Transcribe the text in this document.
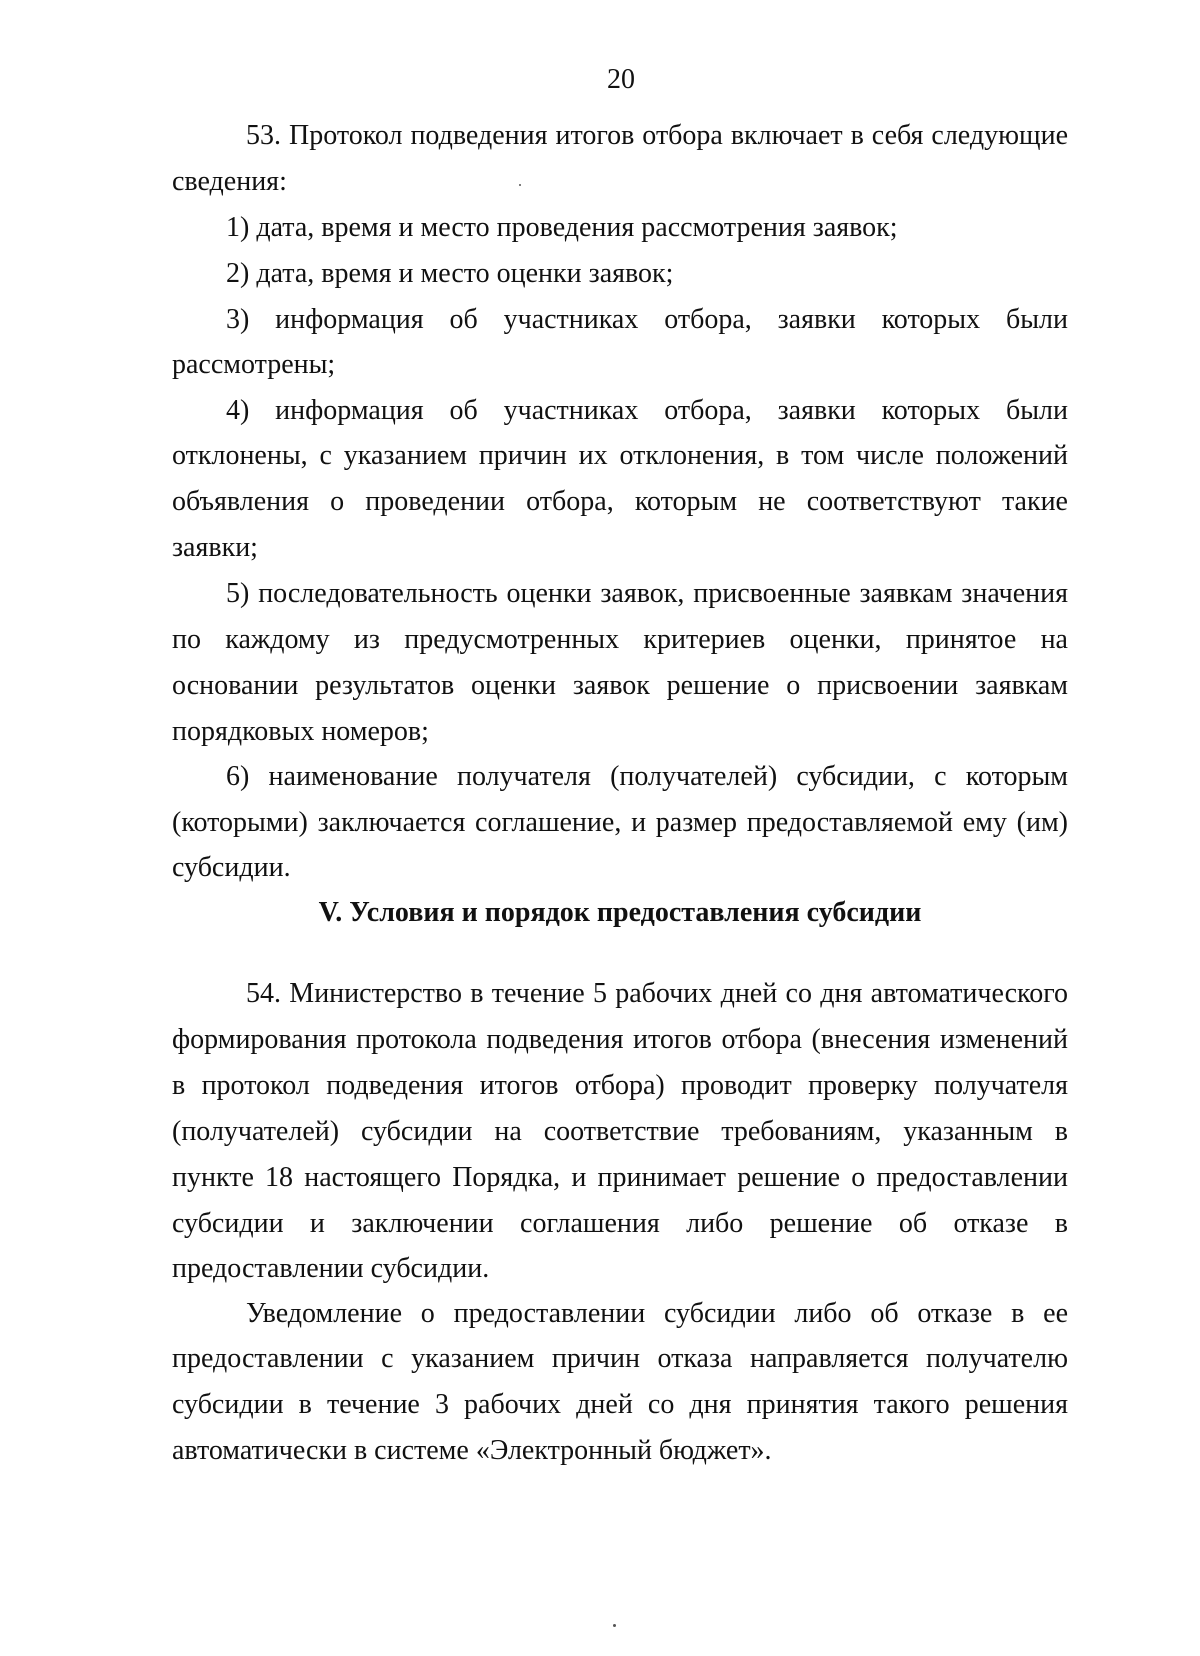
20
53. Протокол подведения итогов отбора включает в себя следующие
сведения:
1) дата, время и место проведения рассмотрения заявок;
2) дата, время и место оценки заявок;
3) информация об участниках отбора, заявки которых были
рассмотрены;
4) информация об участниках отбора, заявки которых были
отклонены, с указанием причин их отклонения, в том числе положений
объявления о проведении отбора, которым не соответствуют такие
заявки;
5) последовательность оценки заявок, присвоенные заявкам значения
по каждому из предусмотренных критериев оценки, принятое на
основании результатов оценки заявок решение о присвоении заявкам
порядковых номеров;
6) наименование получателя (получателей) субсидии, с которым
(которыми) заключается соглашение, и размер предоставляемой ему (им)
субсидии.
V. Условия и порядок предоставления субсидии
54. Министерство в течение 5 рабочих дней со дня автоматического
формирования протокола подведения итогов отбора (внесения изменений
в протокол подведения итогов отбора) проводит проверку получателя
(получателей) субсидии на соответствие требованиям, указанным в
пункте 18 настоящего Порядка, и принимает решение о предоставлении
субсидии и заключении соглашения либо решение об отказе в
предоставлении субсидии.
Уведомление о предоставлении субсидии либо об отказе в ее
предоставлении с указанием причин отказа направляется получателю
субсидии в течение 3 рабочих дней со дня принятия такого решения
автоматически в системе «Электронный бюджет».
